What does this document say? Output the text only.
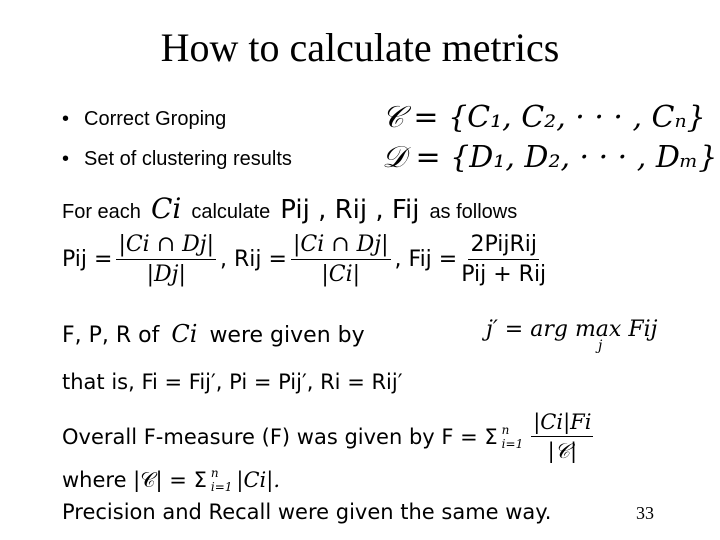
How to calculate metrics
• Correct Groping	𝒞 = {C₁, C₂, · · · , Cₙ}
• Set of clustering results	𝒟 = {D₁, D₂, · · · , Dₘ}
For each Ci calculate Pij , Rij , Fij as follows
Pij = $\frac{|Ci \cap Dj|}{|Dj|}$ , Rij = $\frac{|Ci \cap Dj|}{|Ci|}$ , Fij = $\frac{\text{2PijRij}}{\text{Pij + Rij}}$
F, P, R of Ci were given by	j′ = arg max Fij
j
that is, Fi = Fij′, Pi = Pij′, Ri = Rij′
Overall F-measure (F) was given by F = Σ n
$i=1 \frac{|Ci|Fi}{\text{|𝒞|}}$
where |𝒞| = Σ n
i=1 |Ci|.
Precision and Recall were given the same way.	33
